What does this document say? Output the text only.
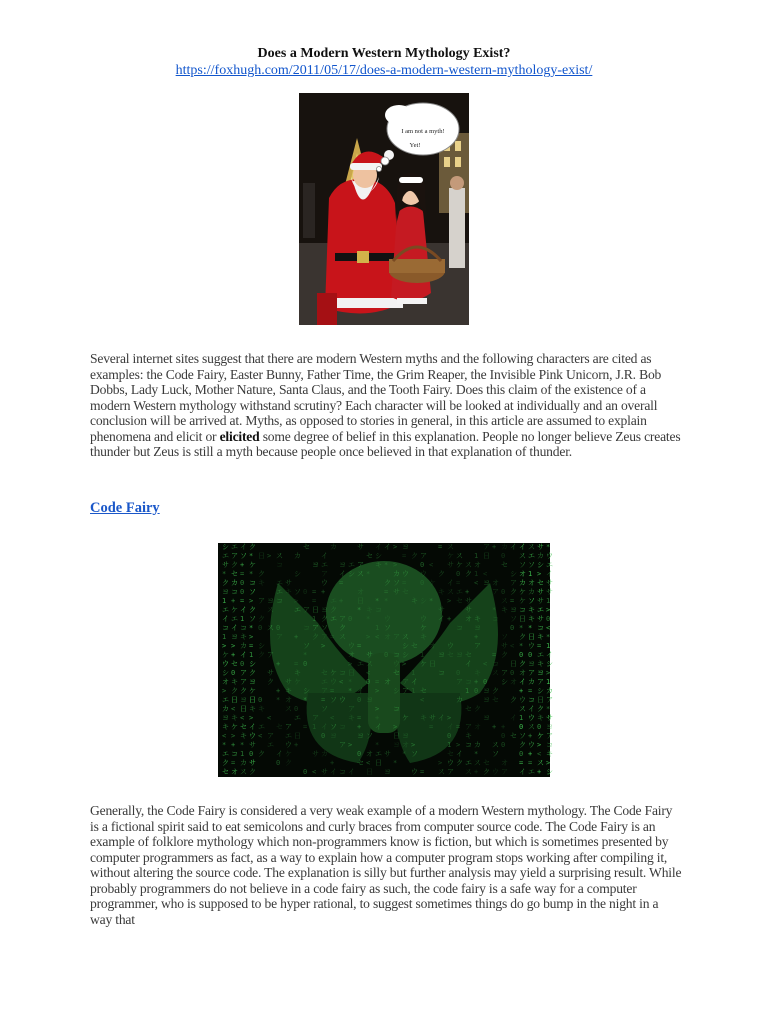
Does a Modern Western Mythology Exist?
https://foxhugh.com/2011/05/17/does-a-modern-western-mythology-exist/
I am not a myth!
Yet!

Several internet sites suggest that there are modern Western myths and the following characters are cited as examples: the Code Fairy, Easter Bunny, Father Time, the Grim Reaper, the Invisible Pink Unicorn, J.R. Bob Dobbs, Lady Luck, Mother Nature, Santa Claus, and the Tooth Fairy. Does this claim of the existence of a modern Western mythology withstand scrutiny? Each character will be looked at individually and an overall conclusion will be arrived at. Myths, as opposed to stories in general, in this article are assumed to explain phenomena and elicit or elicited some degree of belief in this explanation. People no longer believe Zeus creates thunder but Zeus is still a myth because people once believed in that explanation of thunder.

Code Fairy
シ
エ
サ
*
ク
ヨ
1
エ
イ
コ
1
>
ケ
ウ
シ
オ
>
エ
カ
ヨ
キ
<
*
エ
ク
セ
エ
ア
ク
セ
カ
コ
+
ケ
エ
イ
ヨ
>
+
セ
0
キ
ク
日
<
キ
ケ
>
+
コ
=
オ
イ
ソ
+
=
0
0
=
イ
1
コ
キ
カ
イ
0
ア
ア
ク
ヨ
日
<
セ
キ
*
1
カ
ス
ク
*
ケ
*
コ
ソ
>
ク
ソ
*
>
=
1
シ
ク
ヨ
ケ
日
キ
>
イ
ウ
サ
0
サ
ク
イ
ス
ソ
オ
カ
ケ
ケ
コ
日
*
ク
*
0
ク
オ
イ
+
ウ
ス
1
0
ソ
ク
0
=
イ
ス
エ
ソ
1
オ
カ
ソ
キ
キ
*
日
ウ
0
ヨ
ア
カ
=
コ
イ
ウ
ス
+
ウ
+
=
エ
サ
カ
シ
>
セ
サ
サ
エ
サ
コ
キ
=
エ
キ
ヨ
ア
シ
日
ク
キ
0
ケ
>
<
ス
+
*
ウ
エ
イ
サ
サ
1
>
0
<
*
1
イ
シ
>
1
カ
ア
*
サ
ヨ
ア
コ
キ
>
シ
日
ク
キ
ア
ク
0
シ
ク
0
キ
エ
<
ク
>
ヨ
ス
ス
ア
サ
ク
<
ア
エ
ス
コ
エ
エ
コ
0
ア
+
+
*
セ
イ
0
サ
キ
サ
キ
オ
ス
ア
エ
ウ
ケ
ク
カ
シ
ソ
>
エ
+
=
キ
ケ
0
エ
日
+
セ
0
ア
コ
ソ
*
0
シ
*
=
0
ヨ
=
=
日
1
ア
ク
ア
1
サ
<
イ
エ
ア
ウ
+
ヨ
ク
ソ
ア
>
セ
エ
ア
=
ソ
イ
0
カ
サ
カ
エ
ク
エ
=
ケ
ウ
=
ソ
<
ソ
ヨ
+
イ
ヨ
イ
=
+
ア
ク
ス
コ
<
ウ
コ
ア
コ
エ
シ
0
ウ
オ
>
日
*
*
ア
キ
>
イ
サ
ア
ス
オ
日
*
=
エ
イ
0
=
+
ヨ
0
セ
セ
*
キ
*
>
サ
ス
<
0
ヨ
ソ
オ
<
日
イ
シ
キ
*
コ
1
<
=
>
>
+
イ
*
エ
日
イ
*
ク
=
*
ウ
ソ
オ
0
オ
サ
ヨ
>
>
カ
ソ
サ
ア
コ
ウ
セ
シ
コ
>
日
ヨ
*
ヨ
=
ウ
=
セ
ス
シ
シ
>
ア
ア
ケ
ヨ
オ
*
ク
キ
セ
1
イ
1
>
ソ
ウ
ア
0
ウ
0
シ
ウ
ケ
キ
1
ケ
セ
<
キ
=
<
ケ
*
オ
日
サ
=
=
ク
キ
サ
イ
ヨ
コ
イ
>
ス
ス
ケ
サ
イ
ス
>
+
ウ
セ
>
イ
0
1
セ
ウ
ア
ス
ケ
0
=
エ
セ
コ
ヨ
0
ア
カ
=
>
イ
ク
ス
ク
+
サ
サ
オ
セ
イ
コ
1
セ
ア
キ
コ
エ
ス
1
オ
1
<
キ
ヨ
+
ア
キ
+
0
ク
オ
カ
*
ス
+
ア
日
<
ヨ
<
0
ヨ
ヨ
ヨ
セ
ク
+
オ
ア
*
コ
=
コ
ス
ク
セ
+
ス
ソ
ウ
カ
0
セ
0
ス
キ
ソ
サ
ク
ア
シ
+
0
0
オ
ア
イ
シ
ア
ク
=
ヨ
ソ
0
<
日
0
オ
ク
イ
セ

Generally, the Code Fairy is considered a very weak example of a modern Western mythology. The Code Fairy is a fictional spirit said to eat semicolons and curly braces from computer source code. The Code Fairy is an example of folklore mythology which non-programmers know is fiction, but which is sometimes presented by computer programmers as fact, as a way to explain how a computer program stops working after compiling it, without altering the source code. The explanation is silly but further analysis may yield a surprising result. While probably programmers do not believe in a code fairy as such, the code fairy is a safe way for a computer programmer, who is supposed to be hyper rational, to suggest sometimes things do go bump in the night in a way that
